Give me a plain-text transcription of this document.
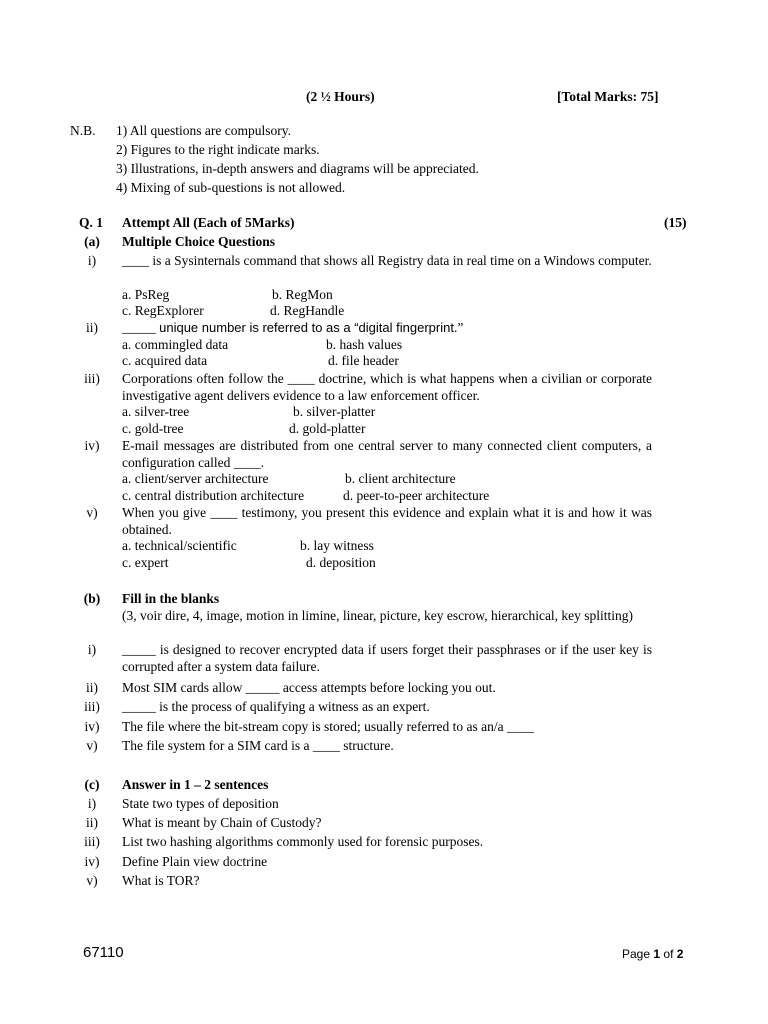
(2 ½ Hours)	[Total Marks: 75]
N.B. 1) All questions are compulsory.
2) Figures to the right indicate marks.
3) Illustrations, in-depth answers and diagrams will be appreciated.
4) Mixing of sub-questions is not allowed.
Q. 1 Attempt All (Each of 5Marks)	(15)
(a)	Multiple Choice Questions
i)	____ is a Sysinternals command that shows all Registry data in real time on a Windows computer.
a. PsReg	b. RegMon
c. RegExplorer	d. RegHandle
ii)	_____ unique number is referred to as a “digital fingerprint.”
a. commingled data	b. hash values
c. acquired data	d. file header
iii)	Corporations often follow the ____ doctrine, which is what happens when a civilian or corporate investigative agent delivers evidence to a law enforcement officer.
a. silver-tree	b. silver-platter
c. gold-tree	d. gold-platter
iv)	E-mail messages are distributed from one central server to many connected client computers, a configuration called ____.
a. client/server architecture	b. client architecture
c. central distribution architecture	d. peer-to-peer architecture
v)	When you give ____ testimony, you present this evidence and explain what it is and how it was obtained.
a. technical/scientific	b. lay witness
c. expert	d. deposition
(b)	Fill in the blanks
(3, voir dire, 4, image, motion in limine, linear, picture, key escrow, hierarchical, key splitting)
i)	_____ is designed to recover encrypted data if users forget their passphrases or if the user key is corrupted after a system data failure.
ii)	Most SIM cards allow _____ access attempts before locking you out.
iii)	_____ is the process of qualifying a witness as an expert.
iv)	The file where the bit-stream copy is stored; usually referred to as an/a ____
v)	The file system for a SIM card is a ____ structure.
(c)	Answer in 1 – 2 sentences
i)	State two types of deposition
ii)	What is meant by Chain of Custody?
iii)	List two hashing algorithms commonly used for forensic purposes.
iv)	Define Plain view doctrine
v)	What is TOR?
67110	Page 1 of 2
